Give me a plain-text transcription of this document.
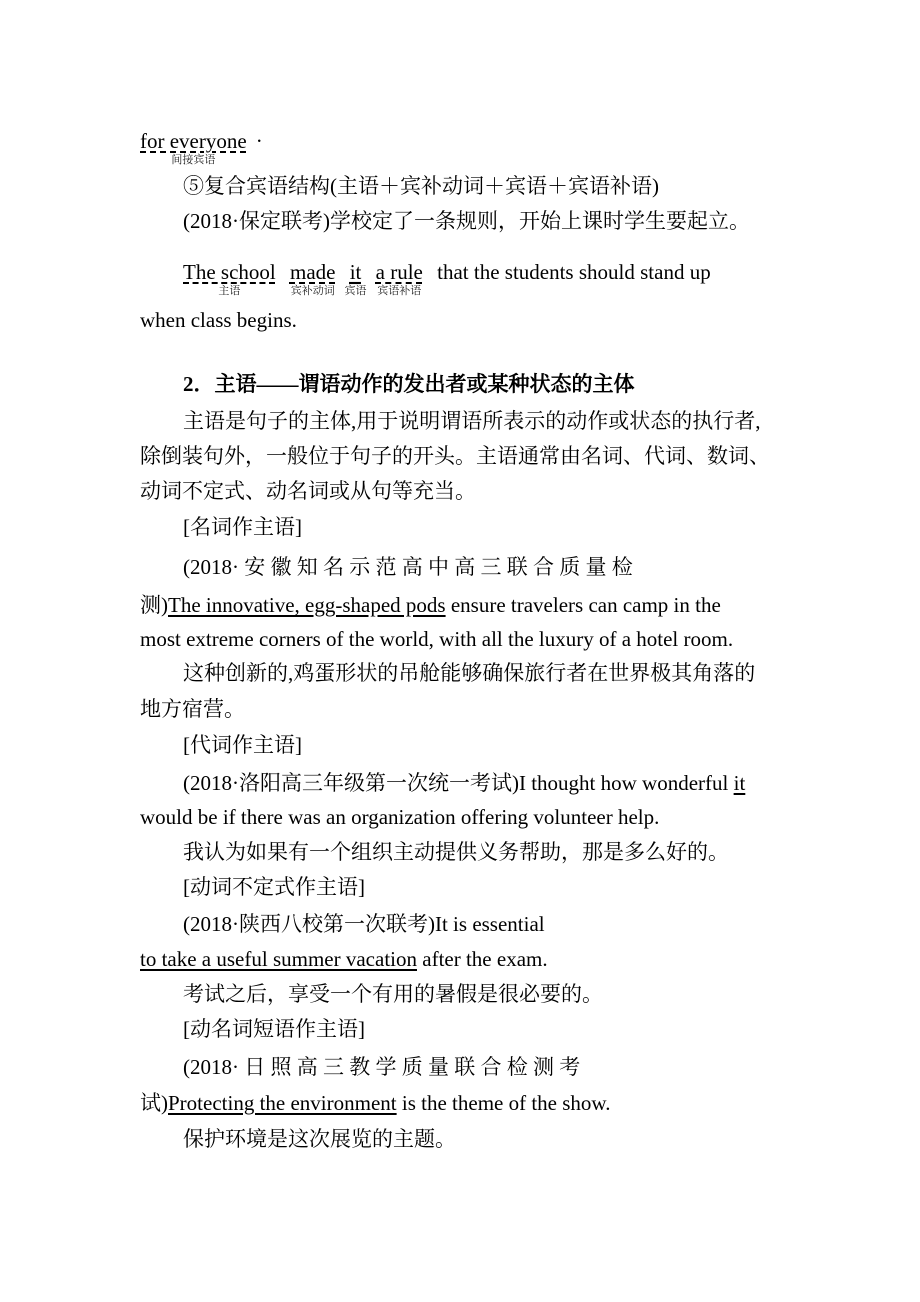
for everyone
间接宾语
·
⑤复合宾语结构(主语＋宾补动词＋宾语＋宾语补语)
(2018·保定联考)学校定了一条规则，开始上课时学生要起立。
The school
主语
made
宾补动词
it
宾语
a rule
宾语补语
that the students should stand up
when class begins.
2．主语——谓语动作的发出者或某种状态的主体
主语是句子的主体,用于说明谓语所表示的动作或状态的执行者,
除倒装句外，一般位于句子的开头。主语通常由名词、代词、数词、
动词不定式、动名词或从句等充当。
[名词作主语]
(2018· 安 徽 知 名 示 范 高 中 高 三 联 合 质 量 检
测)The innovative, egg-shaped pods ensure travelers can camp in the
most extreme corners of the world, with all the luxury of a hotel room.
这种创新的,鸡蛋形状的吊舱能够确保旅行者在世界极其角落的
地方宿营。
[代词作主语]
(2018·洛阳高三年级第一次统一考试)I thought how wonderful it
would be if there was an organization offering volunteer help.
我认为如果有一个组织主动提供义务帮助，那是多么好的。
[动词不定式作主语]
(2018·陕西八校第一次联考)It is essential
to take a useful summer vacation after the exam.
考试之后，享受一个有用的暑假是很必要的。
[动名词短语作主语]
(2018· 日 照 高 三 教 学 质 量 联 合 检 测 考
试)Protecting the environment is the theme of the show.
保护环境是这次展览的主题。
